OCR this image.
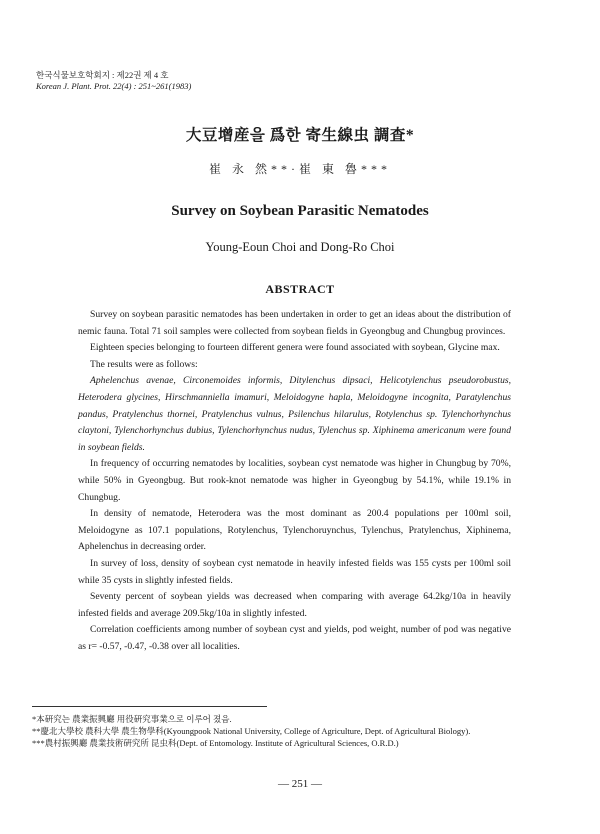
한국식물보호학회지 : 제22권 제 4 호
Korean J. Plant. Prot. 22(4) : 251~261(1983)
大豆增産을 爲한 寄生線虫 調査*
崔 永 然**·崔 東 魯***
Survey on Soybean Parasitic Nematodes
Young-Eoun Choi and Dong-Ro Choi
ABSTRACT

Survey on soybean parasitic nematodes has been undertaken in order to get an ideas about the distribution of nemic fauna. Total 71 soil samples were collected from soybean fields in Gyeongbug and Chungbug provinces.

Eighteen species belonging to fourteen different genera were found associated with soybean, Glycine max.

The results were as follows:

Aphelenchus avenae, Circonemoides informis, Ditylenchus dipsaci, Helicotylenchus pseudorobustus, Heterodera glycines, Hirschmanniella imamuri, Meloidogyne hapla, Meloidogyne incognita, Paratylenchus pandus, Pratylenchus thornei, Pratylenchus vulnus, Psilenchus hilarulus, Rotylenchus sp. Tylenchorhynchus claytoni, Tylenchorhynchus dubius, Tylenchorhynchus nudus, Tylenchus sp. Xiphinema americanum were found in soybean fields.

In frequency of occurring nematodes by localities, soybean cyst nematode was higher in Chungbug by 70%, while 50% in Gyeongbug. But rook-knot nematode was higher in Gyeongbug by 54.1%, while 19.1% in Chungbug.

In density of nematode, Heterodera was the most dominant as 200.4 populations per 100ml soil, Meloidogyne as 107.1 populations, Rotylenchus, Tylenchoruynchus, Tylenchus, Pratylenchus, Xiphinema, Aphelenchus in decreasing order.

In survey of loss, density of soybean cyst nematode in heavily infested fields was 155 cysts per 100ml soil while 35 cysts in slightly infested fields.

Seventy percent of soybean yields was decreased when comparing with average 64.2kg/10a in heavily infested fields and average 209.5kg/10a in slightly infested.

Correlation coefficients among number of soybean cyst and yields, pod weight, number of pod was negative as r= -0.57, -0.47, -0.38 over all localities.

*本硏究는 農業振興廳 用役硏究事業으로 이루어 졌음.

**慶北大學校 農科大學 農生物學科(Kyoungpook National University, College of Agriculture, Dept. of Agricultural Biology).

***農村振興廳 農業技術硏究所 昆虫科(Dept. of Entomology. Institute of Agricultural Sciences, O.R.D.)

— 251 —
